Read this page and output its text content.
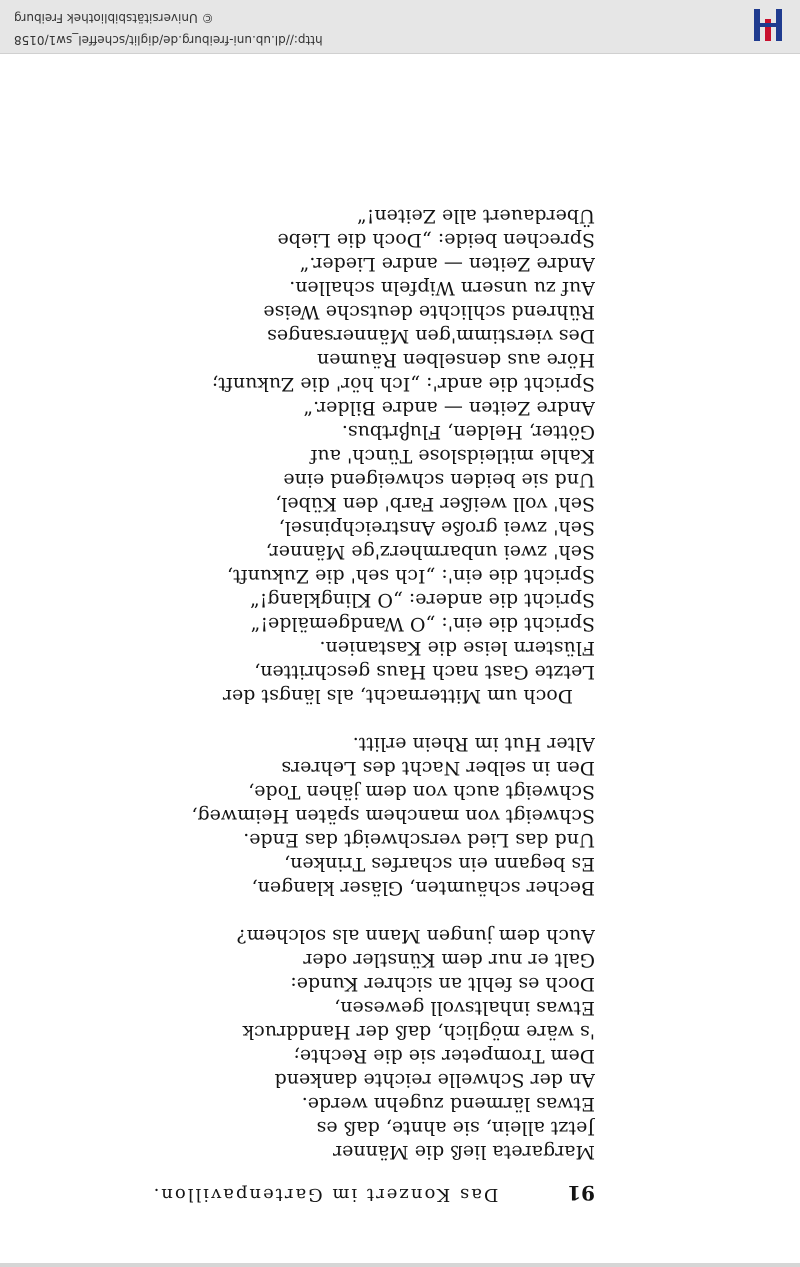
Das Konzert im Gartenpavillon.	91
Margareta ließ die Männer
Jetzt allein, sie ahnte, daß es
Etwas lärmend zugehn werde.
An der Schwelle reichte dankend
Dem Trompeter sie die Rechte;
's wäre möglich, daß der Handdruck
Etwas inhaltsvoll gewesen,
Doch es fehlt an sichrer Kunde:
Galt er nur dem Künstler oder
Auch dem jungen Mann als solchem?
Becher schäumten, Gläser klangen,
Es begann ein scharfes Trinken,
Und das Lied verschweigt das Ende.
Schweigt von manchem späten Heimweg,
Schweigt auch von dem jähen Tode,
Den in selber Nacht des Lehrers
Alter Hut im Rhein erlitt.
Doch um Mitternacht, als längst der
Letzte Gast nach Haus geschritten,
Flüstern leise die Kastanien.
Spricht die ein': „O Wandgemälde!“
Spricht die andere: „O Klingklang!“
Spricht die ein': „Ich seh' die Zukunft,
Seh' zwei unbarmherz'ge Männer,
Seh' zwei große Anstreichpinsel,
Seh' voll weißer Farb' den Kübel,
Und sie beiden schweigend eine
Kahle mitleidslose Tünch' auf
Götter, Helden, Fluβrtbus.
Andre Zeiten — andre Bilder.“
Spricht die andr': „Ich hör' die Zukunft;
Höre aus denselben Räumen
Des vierstimm'gen Männersanges
Rührend schlichte deutsche Weise
Auf zu unsern Wipfeln schallen.
Andre Zeiten — andre Lieder.“
Sprechen beide: „Doch die Liebe
Überdauert alle Zeiten!“
© Universitätsbibliothek Freiburg
http://dl.ub.uni-freiburg.de/diglit/scheffel_sw1/0158
